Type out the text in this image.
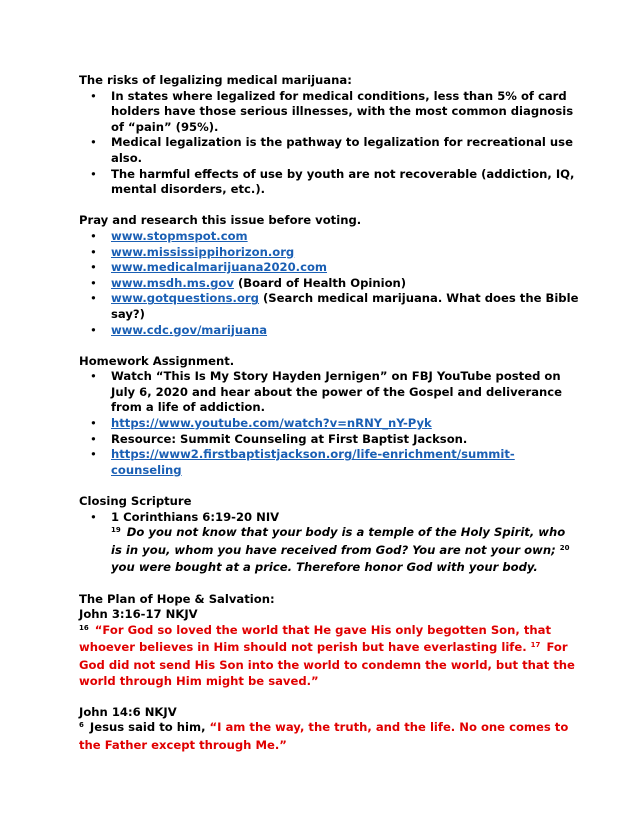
The risks of legalizing medical marijuana:

• In states where legalized for medical conditions, less than 5% of card holders have those serious illnesses, with the most common diagnosis of “pain” (95%).
• Medical legalization is the pathway to legalization for recreational use also.
• The harmful effects of use by youth are not recoverable (addiction, IQ, mental disorders, etc.).

Pray and research this issue before voting.

• www.stopmspot.com
• www.mississippihorizon.org
• www.medicalmarijuana2020.com
• www.msdh.ms.gov (Board of Health Opinion)
• www.gotquestions.org (Search medical marijuana. What does the Bible say?)
• www.cdc.gov/marijuana

Homework Assignment.

• Watch “This Is My Story Hayden Jernigen” on FBJ YouTube posted on July 6, 2020 and hear about the power of the Gospel and deliverance from a life of addiction.
• https://www.youtube.com/watch?v=nRNY_nY-Pyk
• Resource: Summit Counseling at First Baptist Jackson.
• https://www2.firstbaptistjackson.org/life-enrichment/summit-counseling

Closing Scripture

• 1 Corinthians 6:19-20 NIV
$^{19}$ Do you not know that your body is a temple of the Holy Spirit, who is in you, whom you have received from God? You are not your own; $^{20}$ you were bought at a price. Therefore honor God with your body.

The Plan of Hope & Salvation:

John 3:16-17 NKJV

$^{16}$ “For God so loved the world that He gave His only begotten Son, that whoever believes in Him should not perish but have everlasting life. $^{17}$ For God did not send His Son into the world to condemn the world, but that the world through Him might be saved.”

John 14:6 NKJV

$^6$ Jesus said to him, “I am the way, the truth, and the life. No one comes to the Father except through Me.”
